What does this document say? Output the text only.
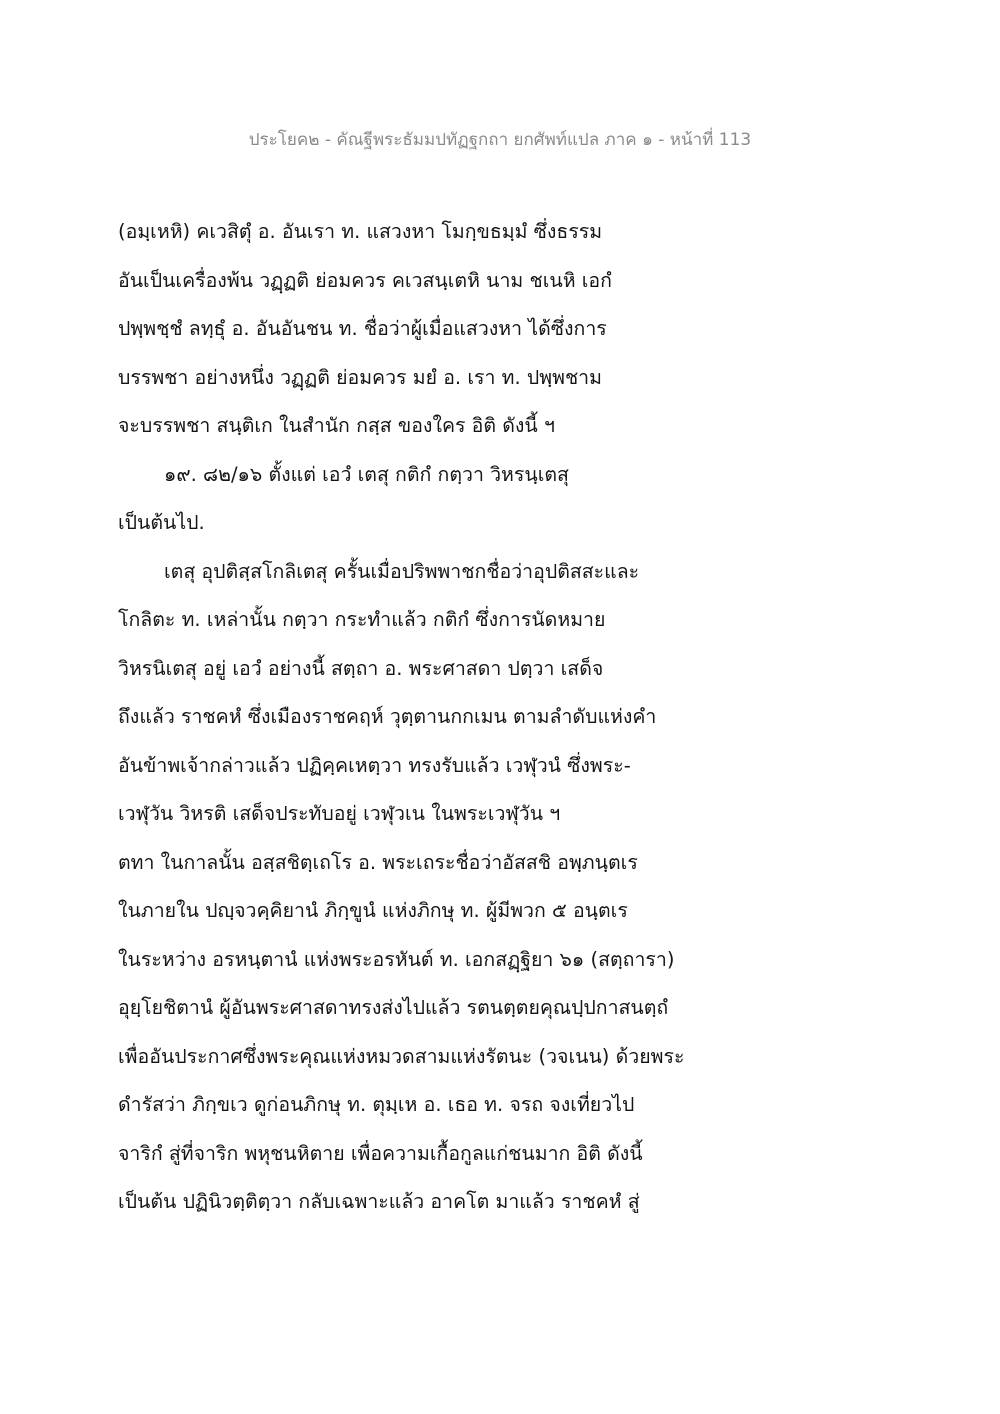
ประโยค๒ - คัณฐีพระธัมมปทัฏฐกถา ยกศัพท์แปล ภาค ๑ - หน้าที่ 113
(อมฺเหหิ) คเวสิตุํ อ. อันเรา ท. แสวงหา โมกฺขธมฺมํ ซึ่งธรรม
อันเป็นเครื่องพ้น วฏฺฏติ ย่อมควร คเวสนฺเตหิ นาม ชเนหิ เอกํ
ปพฺพชฺชํ ลทฺธุํ อ. อันอันชน ท. ชื่อว่าผู้เมื่อแสวงหา ได้ซึ่งการ
บรรพชา อย่างหนึ่ง วฏฺฏติ ย่อมควร มยํ อ. เรา ท. ปพฺพชาม
จะบรรพชา สนฺติเก ในสำนัก กสฺส ของใคร อิติ ดังนี้ ฯ
๑๙. ๘๒/๑๖ ตั้งแต่ เอวํ เตสุ กติกํ กตฺวา วิหรนฺเตสุ
เป็นต้นไป.
เตสุ อุปติสฺสโกลิเตสุ ครั้นเมื่อปริพพาชกชื่อว่าอุปติสสะและ
โกลิตะ ท. เหล่านั้น กตฺวา กระทำแล้ว กติกํ ซึ่งการนัดหมาย
วิหรนิเตสุ อยู่ เอวํ อย่างนี้ สตฺถา อ. พระศาสดา ปตฺวา เสด็จ
ถึงแล้ว ราชคหํ ซึ่งเมืองราชคฤห์ วุตฺตานกกเมน ตามลำดับแห่งคำ
อันข้าพเจ้ากล่าวแล้ว ปฏิคฺคเหตฺวา ทรงรับแล้ว เวฬุวนํ ซึ่งพระ-
เวฬุวัน วิหรติ เสด็จประทับอยู่ เวฬุวเน ในพระเวฬุวัน ฯ
ตทา ในกาลนั้น อสฺสชิตฺเถโร อ. พระเถระชื่อว่าอัสสชิ อพฺภนฺตเร
ในภายใน ปญฺจวคฺคิยานํ ภิกฺขูนํ แห่งภิกษุ ท. ผู้มีพวก ๕ อนฺตเร
ในระหว่าง อรหนฺตานํ แห่งพระอรหันต์ ท. เอกสฏฺฐิยา ๖๑ (สตฺถารา)
อุยฺโยชิตานํ ผู้อันพระศาสดาทรงส่งไปแล้ว รตนตฺตยคุณปฺปกาสนตฺถํ
เพื่ออันประกาศซึ่งพระคุณแห่งหมวดสามแห่งรัตนะ (วจเนน) ด้วยพระ
ดำรัสว่า ภิกฺขเว ดูก่อนภิกษุ ท. ตุมฺเห อ. เธอ ท. จรถ จงเที่ยวไป
จาริกํ สู่ที่จาริก พหุชนหิตาย เพื่อความเกื้อกูลแก่ชนมาก อิติ ดังนี้
เป็นต้น ปฏินิวตฺติตฺวา กลับเฉพาะแล้ว อาคโต มาแล้ว ราชคหํ สู่
